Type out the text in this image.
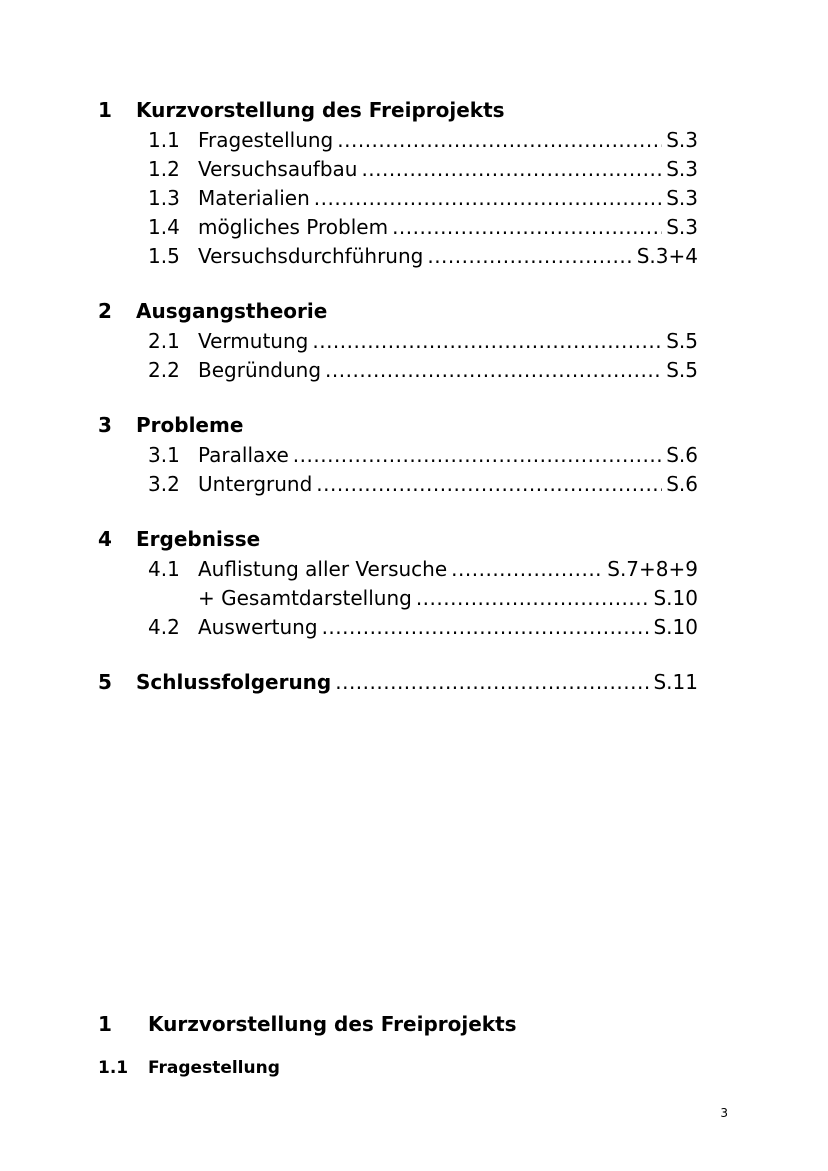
1	Kurzvorstellung des Freiprojekts
1.1 Fragestellung .....	S.3
1.2 Versuchsaufbau .....	S.3
1.3 Materialien .....	S.3
1.4 mögliches Problem .....	S.3
1.5 Versuchsdurchführung .....	S.3+4
2	Ausgangstheorie
2.1 Vermutung .....	S.5
2.2 Begründung .....	S.5
3	Probleme
3.1 Parallaxe .....	S.6
3.2 Untergrund .....	S.6
4	Ergebnisse
4.1 Auflistung aller Versuche .....	S.7+8+9
+ Gesamtdarstellung .....	S.10
4.2 Auswertung .....	S.10
5	Schlussfolgerung .....	S.11
1	Kurzvorstellung des Freiprojekts
1.1	Fragestellung
3
